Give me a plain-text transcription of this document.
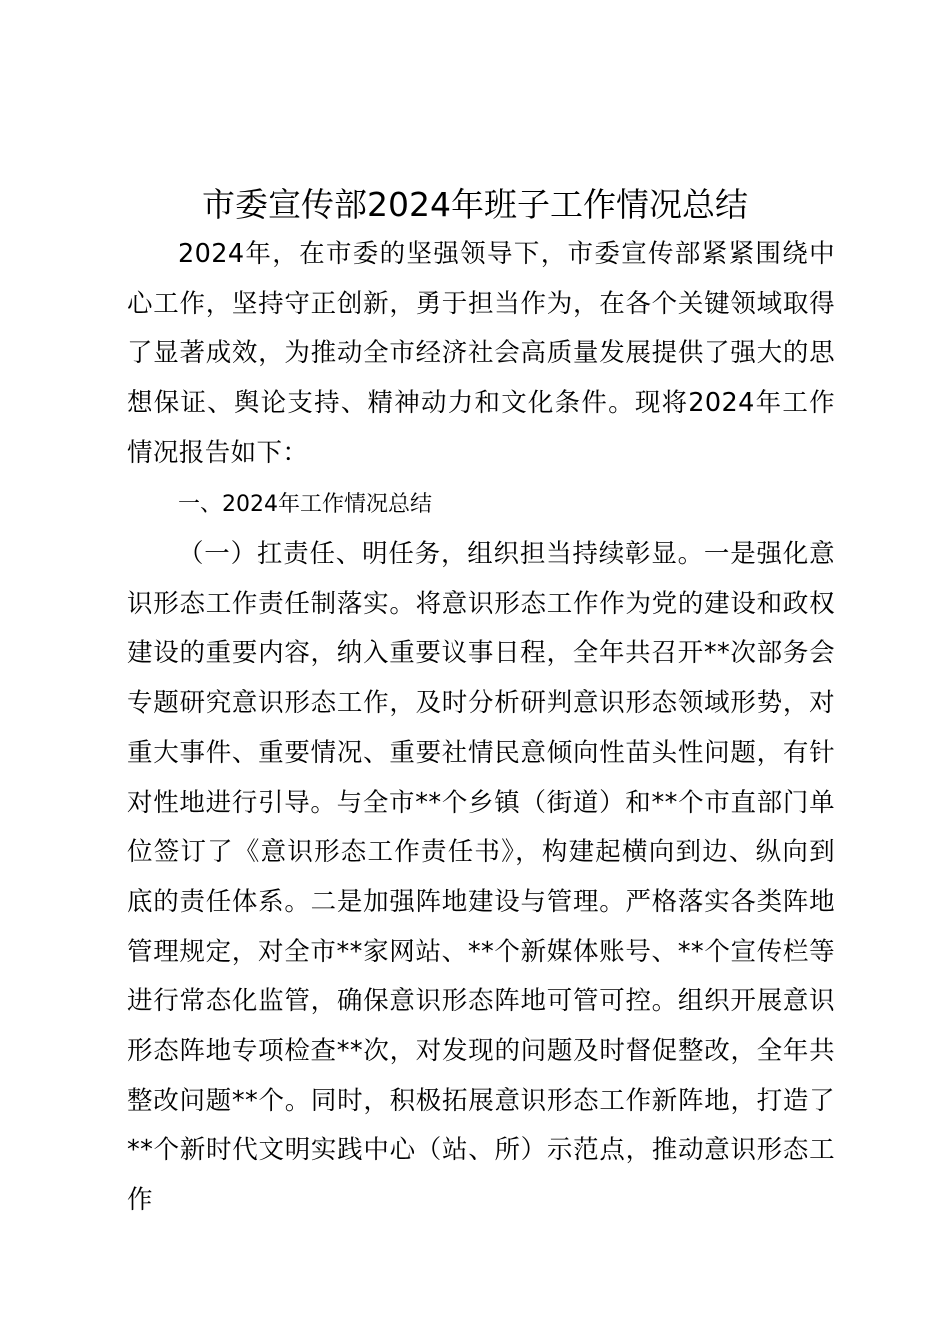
市委宣传部2024年班子工作情况总结

2024年，在市委的坚强领导下，市委宣传部紧紧围绕中心工作，坚持守正创新，勇于担当作为，在各个关键领域取得了显著成效，为推动全市经济社会高质量发展提供了强大的思想保证、舆论支持、精神动力和文化条件。现将2024年工作情况报告如下：

一、2024年工作情况总结

（一）扛责任、明任务，组织担当持续彰显。一是强化意识形态工作责任制落实。将意识形态工作作为党的建设和政权建设的重要内容，纳入重要议事日程，全年共召开**次部务会专题研究意识形态工作，及时分析研判意识形态领域形势，对重大事件、重要情况、重要社情民意倾向性苗头性问题，有针对性地进行引导。与全市**个乡镇（街道）和**个市直部门单位签订了《意识形态工作责任书》，构建起横向到边、纵向到底的责任体系。二是加强阵地建设与管理。严格落实各类阵地管理规定，对全市**家网站、**个新媒体账号、**个宣传栏等进行常态化监管，确保意识形态阵地可管可控。组织开展意识形态阵地专项检查**次，对发现的问题及时督促整改，全年共整改问题**个。同时，积极拓展意识形态工作新阵地，打造了**个新时代文明实践中心（站、所）示范点，推动意识形态工作
